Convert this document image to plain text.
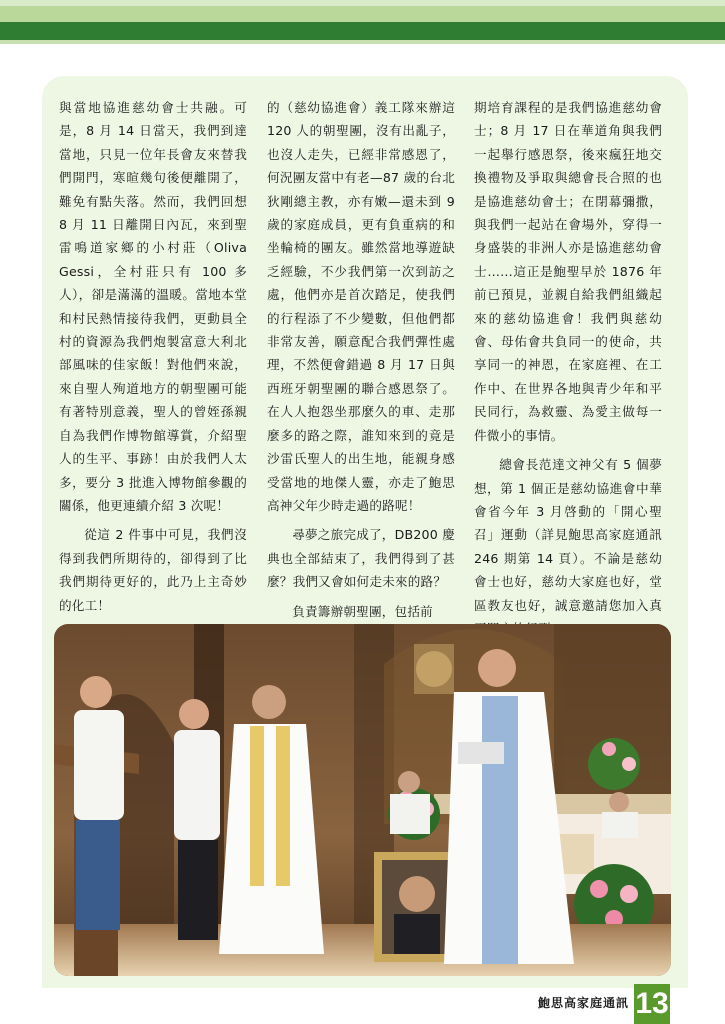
與當地協進慈幼會士共融。可是，8 月 14 日當天，我們到達當地，只見一位年長會友來替我們開門，寒暄幾句後便離開了，難免有點失落。然而，我們回想 8 月 11 日離開日內瓦，來到聖雷鳴道家鄉的小村莊（Oliva Gessi，全村莊只有 100 多人），卻是滿滿的溫暖。當地本堂和村民熱情接待我們，更動員全村的資源為我們炮製富意大利北部風味的佳家飯！對他們來說，來自聖人殉道地方的朝聖團可能有著特別意義，聖人的曾姪孫親自為我們作博物館導賞，介紹聖人的生平、事跡！由於我們人太多，要分 3 批進入博物館參觀的關係，他更連續介紹 3 次呢！

從這 2 件事中可見，我們沒得到我們所期待的，卻得到了比我們期待更好的，此乃上主奇妙的化工！

的（慈幼協進會）義工隊來辦這 120 人的朝聖團，沒有出亂子，也沒人走失，已經非常感恩了，何況團友當中有老—87 歲的台北狄剛總主教，亦有嫩—還未到 9 歲的家庭成員，更有負重病的和坐輪椅的團友。雖然當地導遊缺乏經驗，不少我們第一次到訪之處，他們亦是首次踏足，使我們的行程添了不少變數，但他們都非常友善，願意配合我們彈性處理，不然便會錯過 8 月 17 日與西班牙朝聖團的聯合感恩祭了。在人人抱怨坐那麼久的車、走那麼多的路之際，誰知來到的竟是沙雷氏聖人的出生地，能親身感受當地的地傑人靈，亦走了鮑思高神父年少時走過的路呢！

尋夢之旅完成了，DB200 慶典也全部結束了，我們得到了甚麼？我們又會如何走未來的路？

負責籌辦朝聖團，包括前

期培育課程的是我們協進慈幼會士；8 月 17 日在華道角與我們一起舉行感恩祭，後來瘋狂地交換禮物及爭取與總會長合照的也是協進慈幼會士；在閉幕彌撒，與我們一起站在會場外，穿得一身盛裝的非洲人亦是協進慈幼會士……這正是鮑聖早於 1876 年前已預見，並親自給我們組織起來的慈幼協進會！我們與慈幼會、母佑會共負同一的使命，共享同一的神恩，在家庭裡、在工作中、在世界各地與青少年和平民同行，為救靈、為愛主做每一件微小的事情。

總會長范達文神父有 5 個夢想，第 1 個正是慈幼協進會中華會省今年 3 月啓動的「開心聖召」運動（詳見鮑思高家庭通訊 246 期第 14 頁）。不論是慈幼會士也好，慈幼大家庭也好，堂區教友也好，誠意邀請您加入真

鮑思高家庭通訊 13
